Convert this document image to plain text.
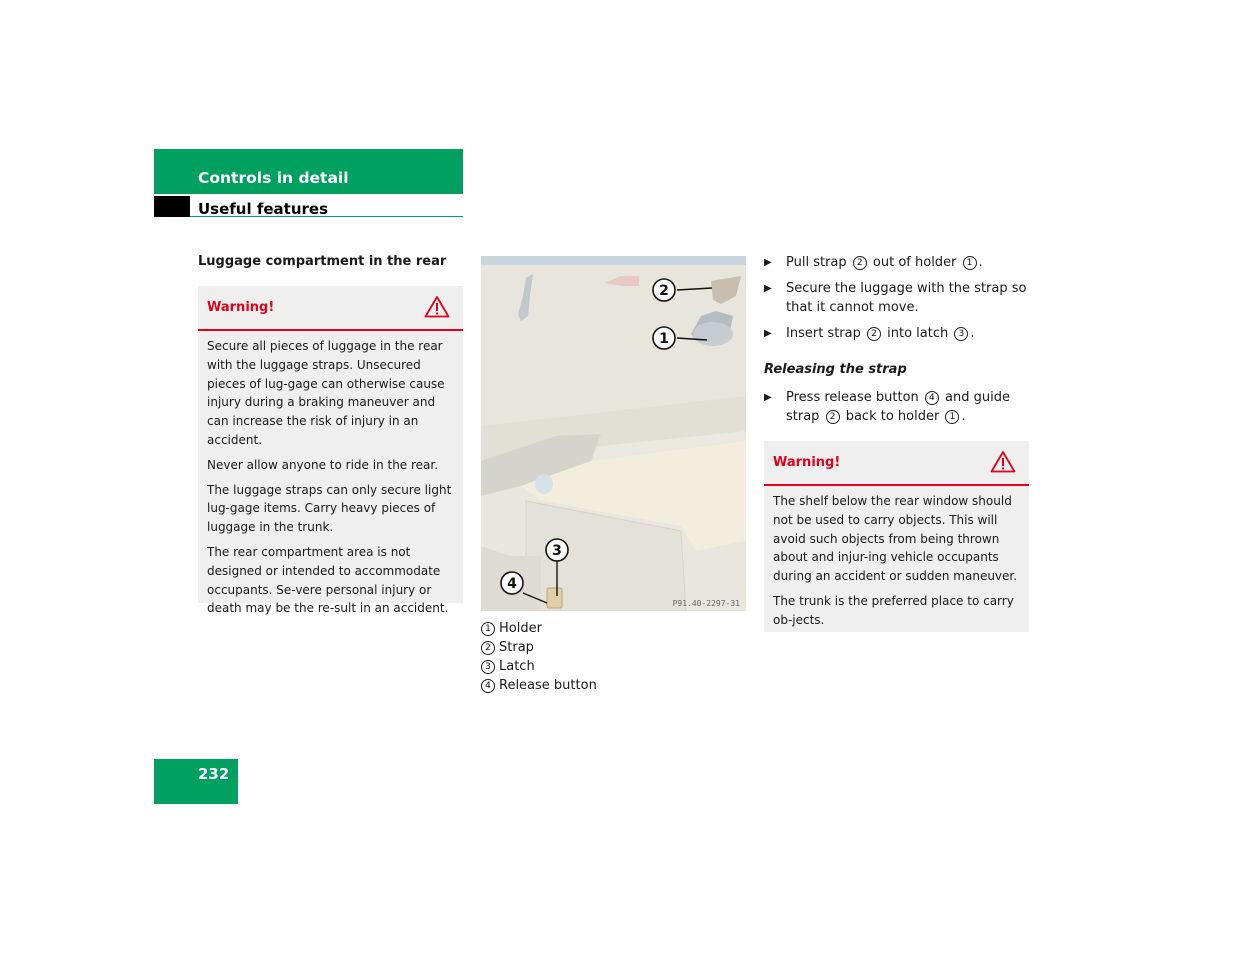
Controls in detail
Useful features
Luggage compartment in the rear
Warning!

Secure all pieces of luggage in the rear with the luggage straps. Unsecured pieces of lug-gage can otherwise cause injury during a braking maneuver and can increase the risk of injury in an accident.

Never allow anyone to ride in the rear.

The luggage straps can only secure light lug-gage items. Carry heavy pieces of luggage in the trunk.

The rear compartment area is not designed or intended to accommodate occupants. Se-vere personal injury or death may be the re-sult in an accident.

2
1
3
4
P91.40-2297-31
1 Holder
2 Strap
3 Latch
4 Release button

▶ Pull strap 2 out of holder 1 .

▶ Secure the luggage with the strap so that it cannot move.

▶ Insert strap 2 into latch 3 .

Releasing the strap

▶ Press release button 4 and guide strap 2 back to holder 1 .

Warning!

The shelf below the rear window should not be used to carry objects. This will avoid such objects from being thrown about and injur-ing vehicle occupants during an accident or sudden maneuver.

The trunk is the preferred place to carry ob-jects.

232
